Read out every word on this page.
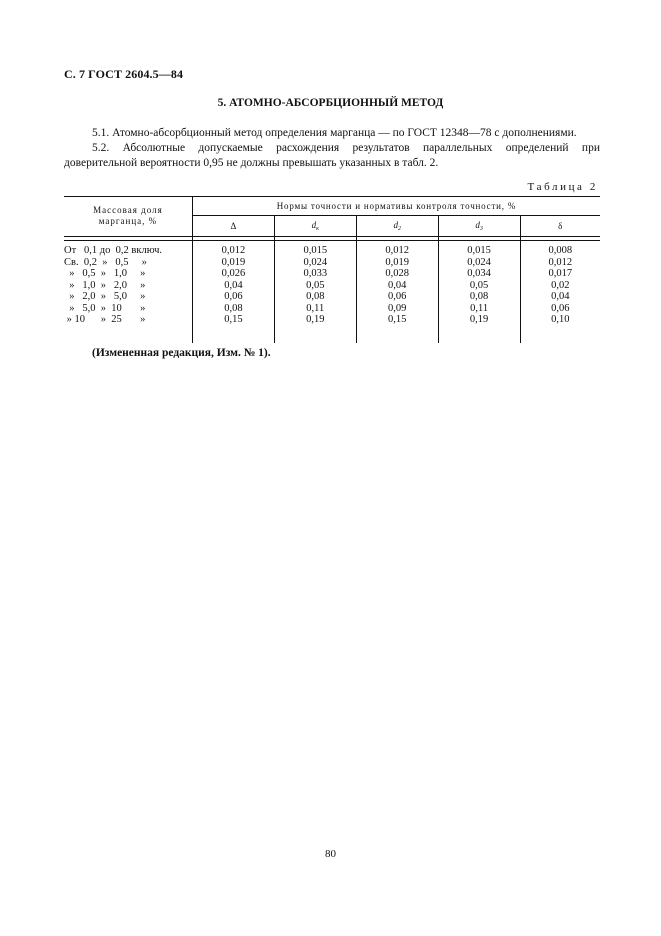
С. 7 ГОСТ 2604.5—84
5. АТОМНО-АБСОРБЦИОННЫЙ МЕТОД
5.1. Атомно-абсорбционный метод определения марганца — по ГОСТ 12348—78 с дополнениями.
5.2. Абсолютные допускаемые расхождения результатов параллельных определений при доверительной вероятности 0,95 не должны превышать указанных в табл. 2.
Таблица 2
Массовая доля
марганца, %	Нормы точности и нормативы контроля точности, %				
	Δ	$d_к$	$d_2$	$d_3$	δ

От   0,1 до  0,2 включ.	0,012	0,015	0,012	0,015	0,008
Св.  0,2  »   0,5     »	0,019	0,024	0,019	0,024	0,012
»   0,5  »   1,0     »	0,026	0,033	0,028	0,034	0,017
»   1,0  »   2,0     »	0,04	0,05	0,04	0,05	0,02
»   2,0  »   5,0     »	0,06	0,08	0,06	0,08	0,04
»   5,0  »  10       »	0,08	0,11	0,09	0,11	0,06
» 10      »  25       »	0,15	0,19	0,15	0,19	0,10

(Измененная редакция, Изм. № 1).
80
